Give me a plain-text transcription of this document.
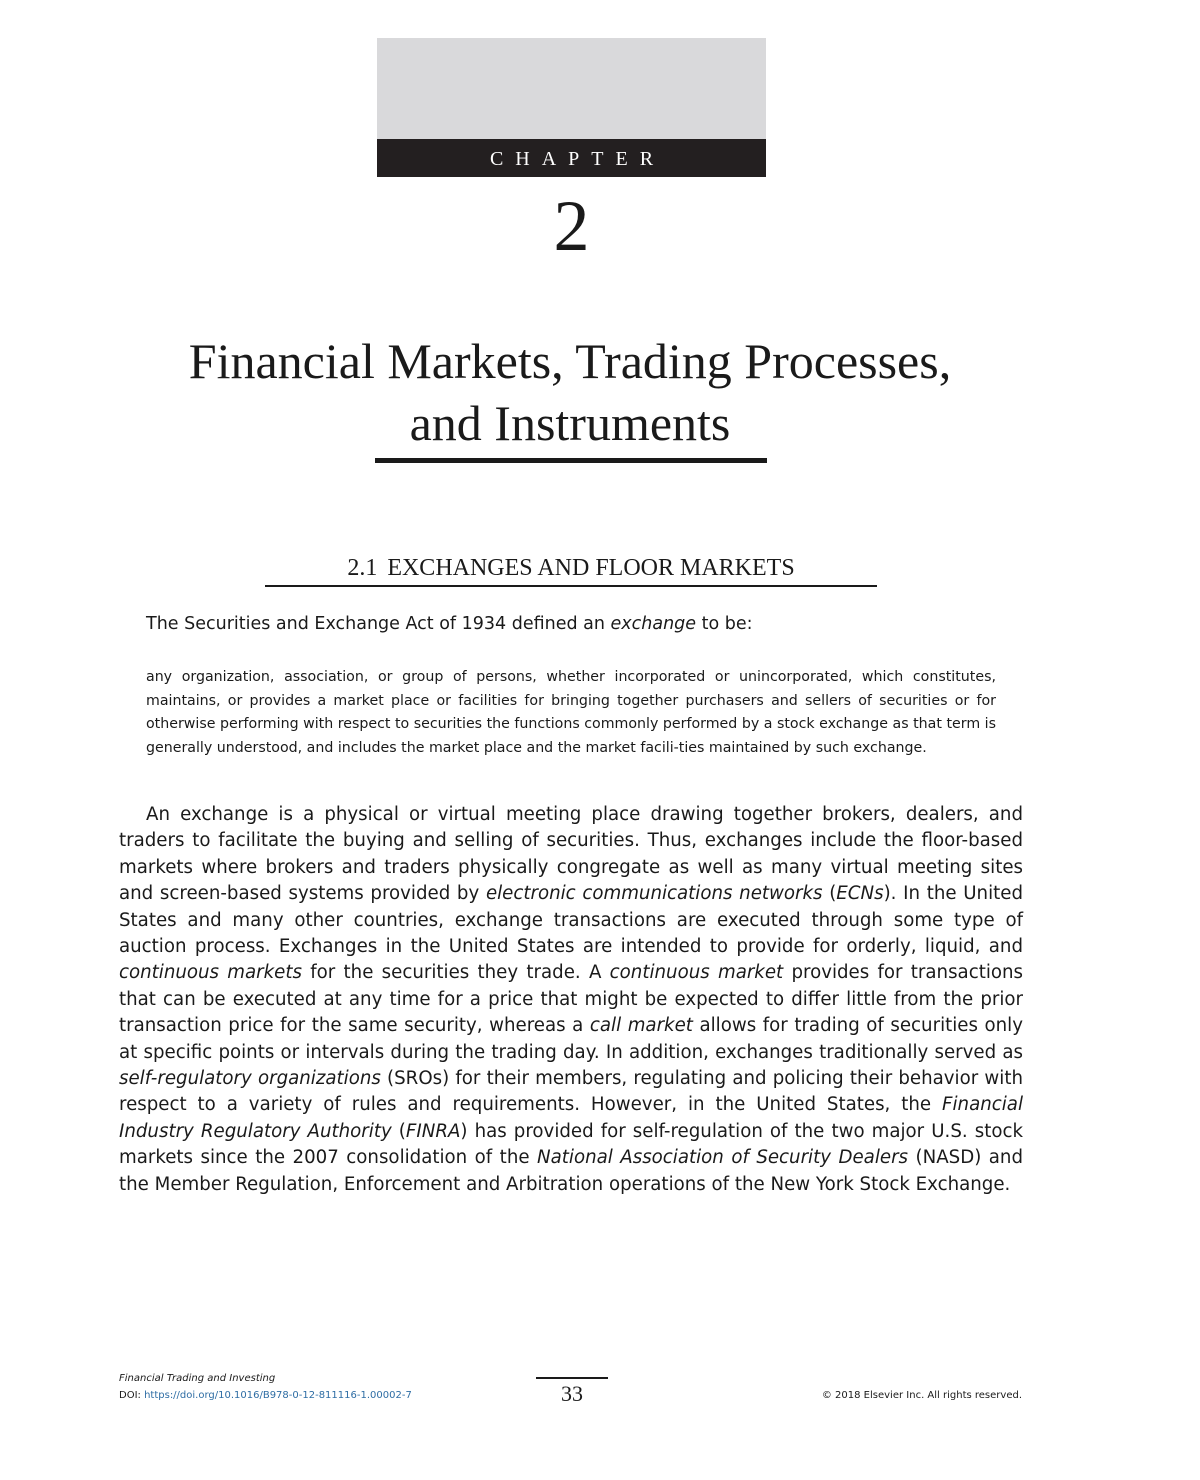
CHAPTER
2
Financial Markets, Trading Processes,
and Instruments
2.1 EXCHANGES AND FLOOR MARKETS
The Securities and Exchange Act of 1934 defined an exchange to be:
any organization, association, or group of persons, whether incorporated or unincorporated, which constitutes, maintains, or provides a market place or facilities for bringing together purchasers and sellers of securities or for otherwise performing with respect to securities the functions commonly performed by a stock exchange as that term is generally understood, and includes the market place and the market facili-ties maintained by such exchange.
An exchange is a physical or virtual meeting place drawing together brokers, dealers, and traders to facilitate the buying and selling of securities. Thus, exchanges include the floor-based markets where brokers and traders physically congregate as well as many virtual meeting sites and screen-based systems provided by electronic communications networks (ECNs). In the United States and many other countries, exchange transactions are executed through some type of auction process. Exchanges in the United States are intended to provide for orderly, liquid, and continuous markets for the securities they trade. A continuous market provides for transactions that can be executed at any time for a price that might be expected to differ little from the prior transaction price for the same security, whereas a call market allows for trading of securities only at specific points or intervals during the trading day. In addition, exchanges traditionally served as self-regulatory organizations (SROs) for their members, regulating and policing their behavior with respect to a variety of rules and requirements. However, in the United States, the Financial Industry Regulatory Authority (FINRA) has provided for self-regulation of the two major U.S. stock markets since the 2007 consolidation of the National Association of Security Dealers (NASD) and the Member Regulation, Enforcement and Arbitration operations of the New York Stock Exchange.
Financial Trading and Investing
DOI: https://doi.org/10.1016/B978-0-12-811116-1.00002-7	33	© 2018 Elsevier Inc. All rights reserved.
